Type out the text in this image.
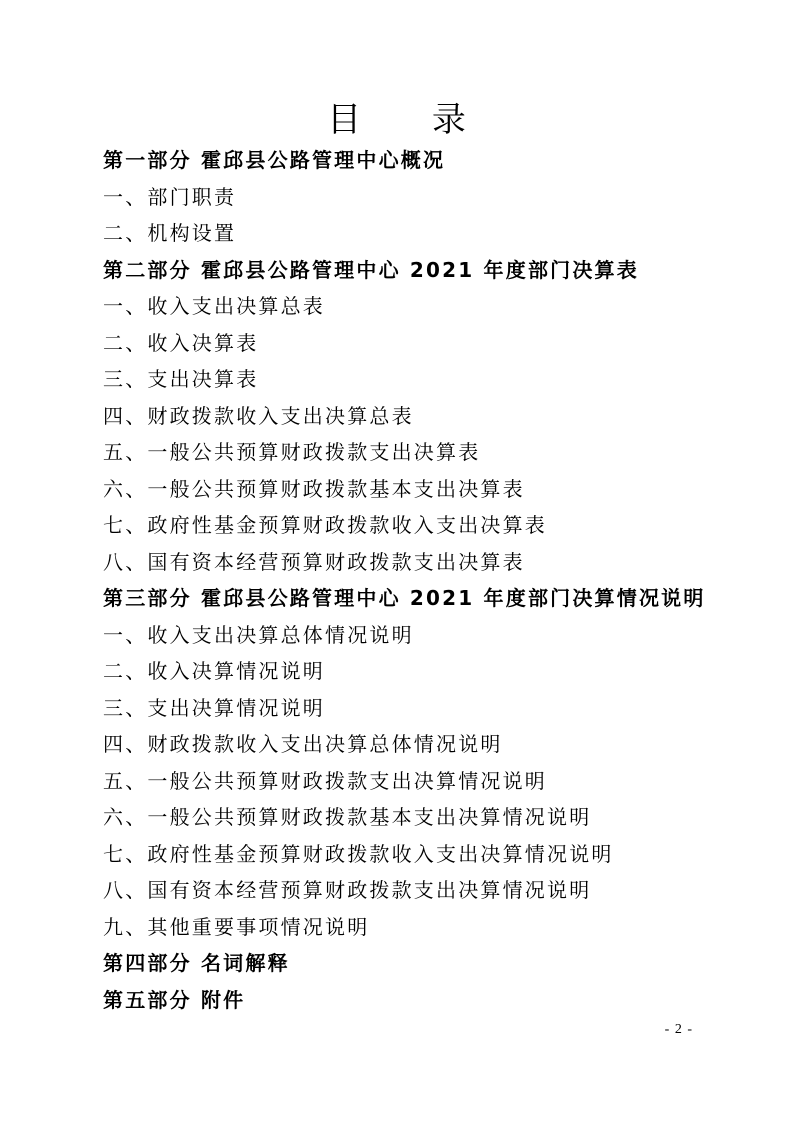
目 录
第一部分 霍邱县公路管理中心概况
一、部门职责
二、机构设置
第二部分 霍邱县公路管理中心 2021 年度部门决算表
一、收入支出决算总表
二、收入决算表
三、支出决算表
四、财政拨款收入支出决算总表
五、一般公共预算财政拨款支出决算表
六、一般公共预算财政拨款基本支出决算表
七、政府性基金预算财政拨款收入支出决算表
八、国有资本经营预算财政拨款支出决算表
第三部分 霍邱县公路管理中心 2021 年度部门决算情况说明
一、收入支出决算总体情况说明
二、收入决算情况说明
三、支出决算情况说明
四、财政拨款收入支出决算总体情况说明
五、一般公共预算财政拨款支出决算情况说明
六、一般公共预算财政拨款基本支出决算情况说明
七、政府性基金预算财政拨款收入支出决算情况说明
八、国有资本经营预算财政拨款支出决算情况说明
九、其他重要事项情况说明
第四部分 名词解释
第五部分 附件
- 2 -
